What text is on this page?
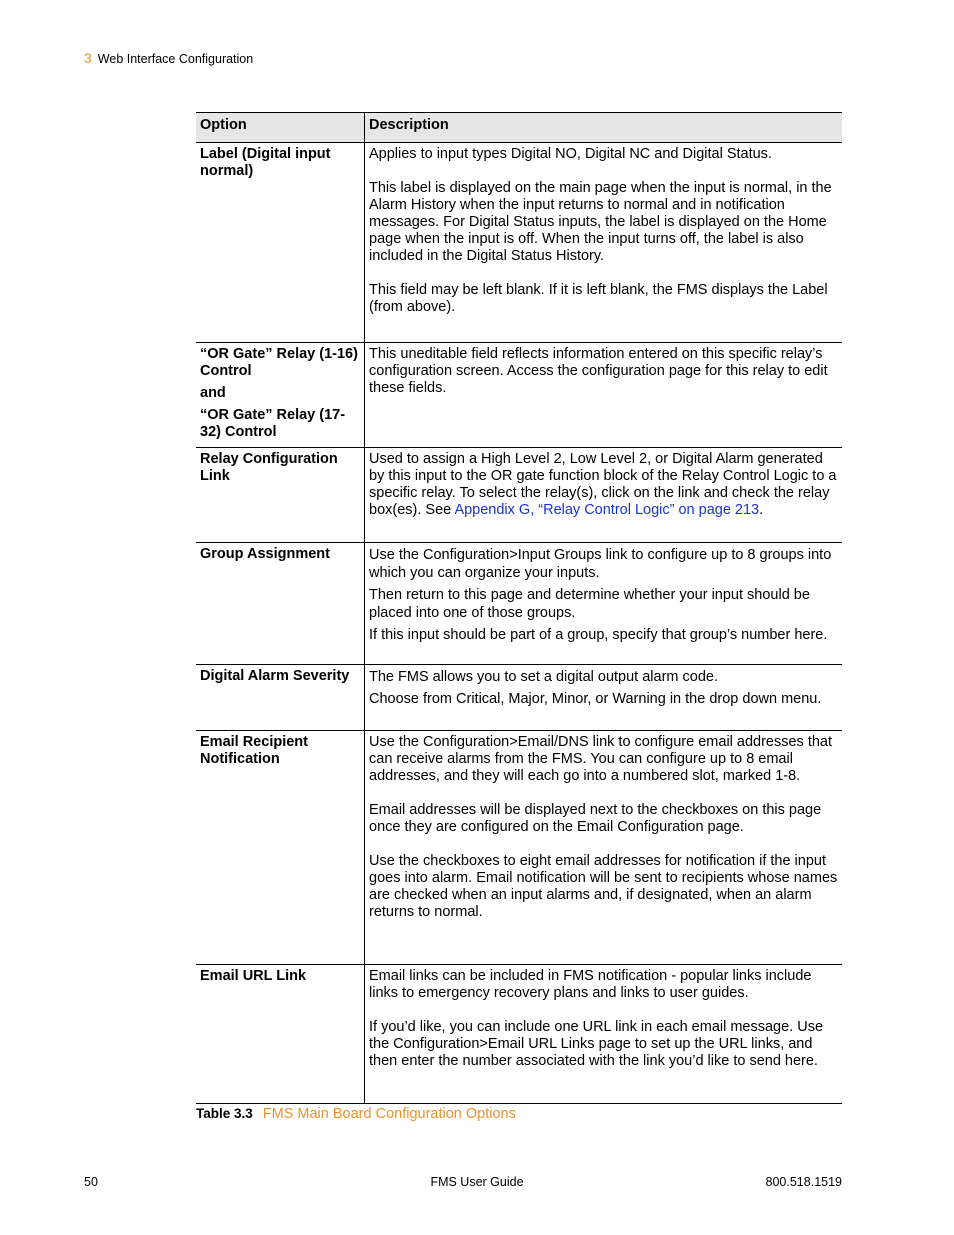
3 Web Interface Configuration
Option	Description
Label (Digital input normal)	Applies to input types Digital NO, Digital NC and Digital Status.

This label is displayed on the main page when the input is normal, in the Alarm History when the input returns to normal and in notification messages. For Digital Status inputs, the label is displayed on the Home page when the input is off. When the input turns off, the label is also included in the Digital Status History.

This field may be left blank. If it is left blank, the FMS displays the Label (from above).

“OR Gate” Relay (1-16) Control
and
“OR Gate” Relay (17-32) Control	This uneditable field reflects information entered on this specific relay’s configuration screen. Access the configuration page for this relay to edit these fields.

Relay Configuration Link	Used to assign a High Level 2, Low Level 2, or Digital Alarm generated by this input to the OR gate function block of the Relay Control Logic to a specific relay. To select the relay(s), click on the link and check the relay box(es). See Appendix G, “Relay Control Logic” on page 213.

Group Assignment	Use the Configuration>Input Groups link to configure up to 8 groups into which you can organize your inputs.

Then return to this page and determine whether your input should be placed into one of those groups.

If this input should be part of a group, specify that group’s number here.

Digital Alarm Severity	The FMS allows you to set a digital output alarm code.

Choose from Critical, Major, Minor, or Warning in the drop down menu.

Email Recipient Notification	Use the Configuration>Email/DNS link to configure email addresses that can receive alarms from the FMS. You can configure up to 8 email addresses, and they will each go into a numbered slot, marked 1-8.

Email addresses will be displayed next to the checkboxes on this page once they are configured on the Email Configuration page.

Use the checkboxes to eight email addresses for notification if the input goes into alarm. Email notification will be sent to recipients whose names are checked when an input alarms and, if designated, when an alarm returns to normal.

Email URL Link	Email links can be included in FMS notification - popular links include links to emergency recovery plans and links to user guides.

If you’d like, you can include one URL link in each email message. Use the Configuration>Email URL Links page to set up the URL links, and then enter the number associated with the link you’d like to send here.

Table 3.3 FMS Main Board Configuration Options
50	FMS User Guide	800.518.1519
